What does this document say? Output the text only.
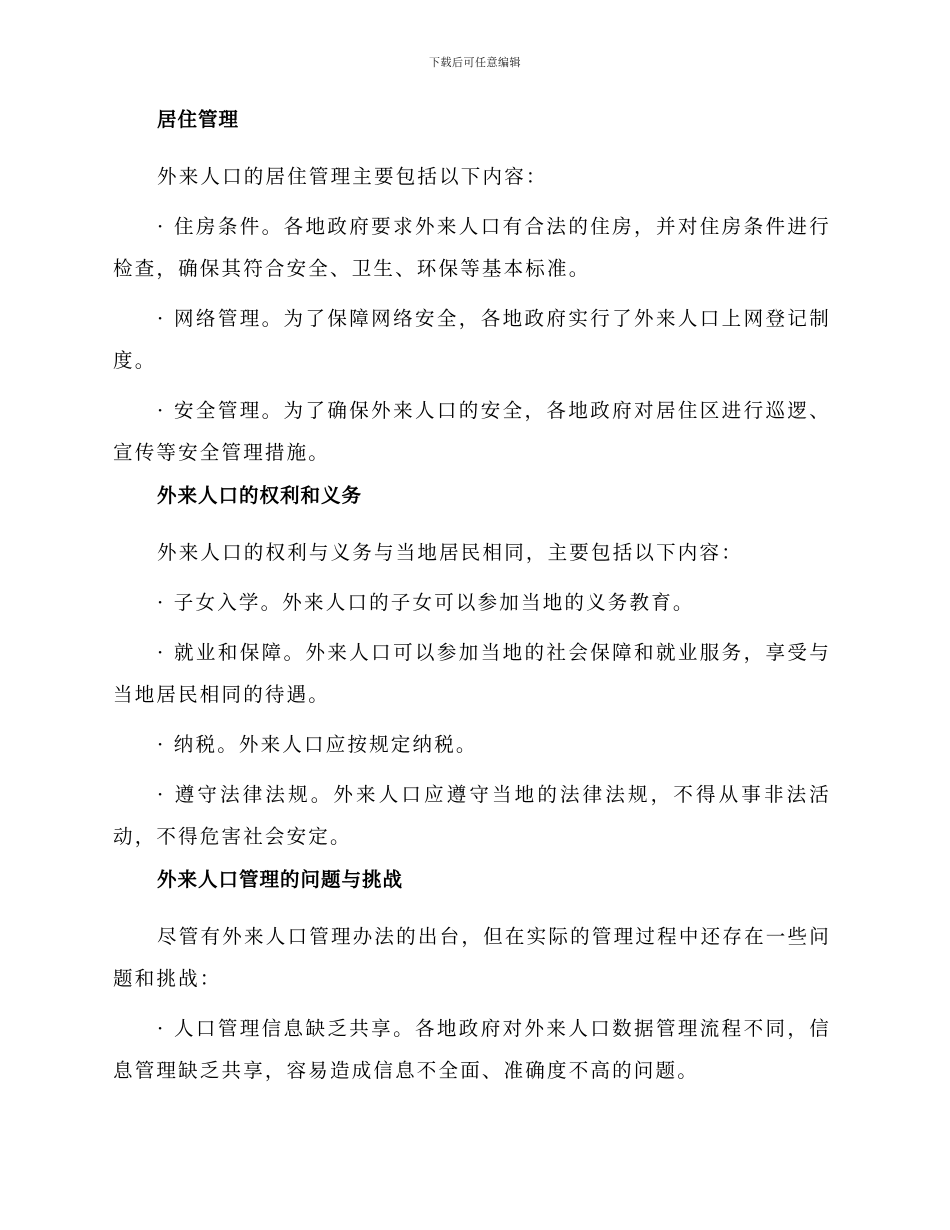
下载后可任意编辑
居住管理

外来人口的居住管理主要包括以下内容：

· 住房条件。各地政府要求外来人口有合法的住房，并对住房条件进行检查，确保其符合安全、卫生、环保等基本标准。

· 网络管理。为了保障网络安全，各地政府实行了外来人口上网登记制度。

· 安全管理。为了确保外来人口的安全，各地政府对居住区进行巡逻、宣传等安全管理措施。

外来人口的权利和义务

外来人口的权利与义务与当地居民相同，主要包括以下内容：

· 子女入学。外来人口的子女可以参加当地的义务教育。

· 就业和保障。外来人口可以参加当地的社会保障和就业服务，享受与当地居民相同的待遇。

· 纳税。外来人口应按规定纳税。

· 遵守法律法规。外来人口应遵守当地的法律法规，不得从事非法活动，不得危害社会安定。

外来人口管理的问题与挑战

尽管有外来人口管理办法的出台，但在实际的管理过程中还存在一些问题和挑战：

· 人口管理信息缺乏共享。各地政府对外来人口数据管理流程不同，信息管理缺乏共享，容易造成信息不全面、准确度不高的问题。
